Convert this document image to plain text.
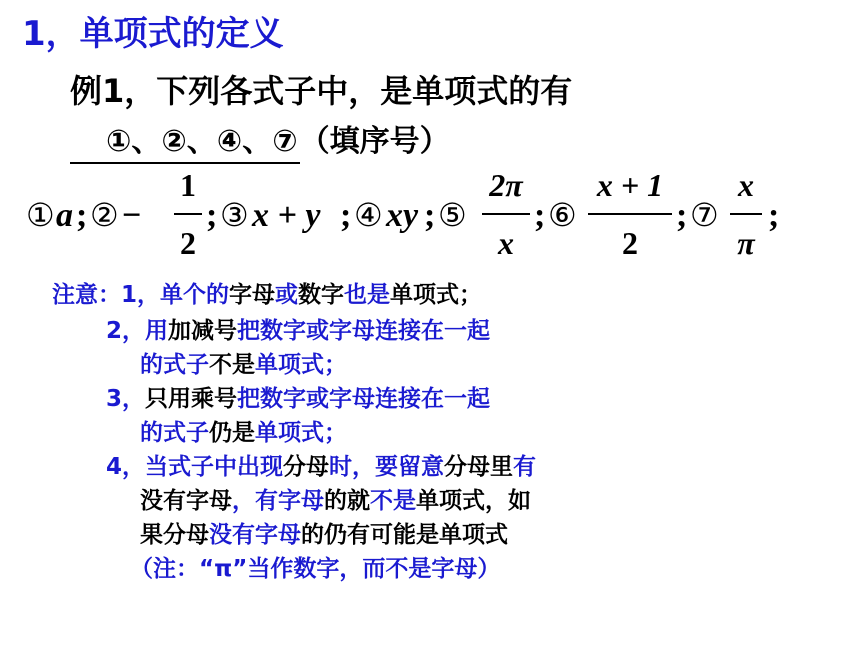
1，单项式的定义
例1，下列各式子中，是单项式的有
①、②、④、⑦（填序号）
① a ; ② −
1
2
; ③ x + y ; ④ xy ; ⑤
2π
x
; ⑥
x + 1
2
; ⑦
x
π
;
注意：1，单个的字母或数字也是单项式；
2，用加减号把数字或字母连接在一起
的式子不是单项式；
3，只用乘号把数字或字母连接在一起
的式子仍是单项式；
4，当式子中出现分母时，要留意分母里有
没有字母，有字母的就不是单项式，如
果分母没有字母的仍有可能是单项式
（注：“π”当作数字，而不是字母）
